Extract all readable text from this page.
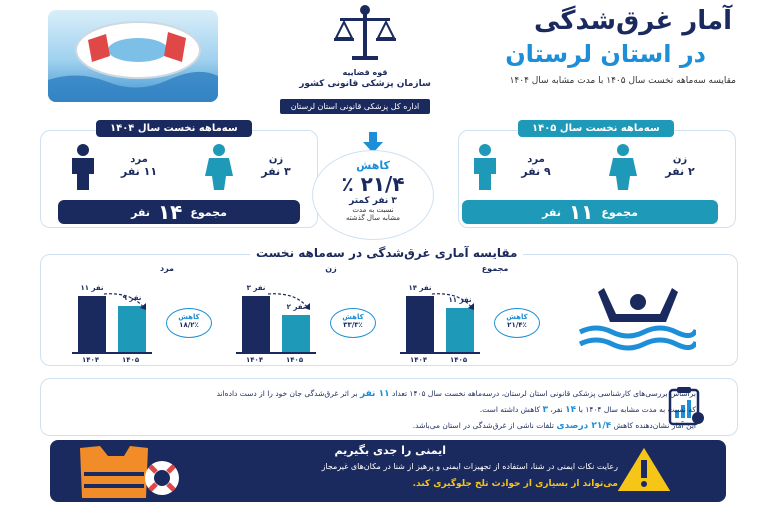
آمار غرق‌شدگی
در استان لرستان
مقایسه سه‌ماهه نخست سال ۱۴۰۵ با مدت مشابه سال ۱۴۰۴
قوه قضاییه
سازمان پزشکی قانونی کشور
اداره کل پزشکی قانونی استان لرستان
سه‌ماهه نخست سال ۱۴۰۵
زن
۲ نفر
مرد
۹ نفر
مجموع
۱۱
نفر
سه‌ماهه نخست سال ۱۴۰۴
زن
۳ نفر
مرد
۱۱ نفر
مجموع
۱۴
نفر
کاهش
۲۱/۴ ٪
۳ نفر کمتر
نسبت به مدت
مشابه سال گذشته
مقایسه آماری غرق‌شدگی در سه‌ماهه نخست
مجموع
۱۴ نفر
۱۴۰۴
۱۱ نفر
۱۴۰۵
کاهش
۲۱/۴٪
زن
۳ نفر
۱۴۰۴
۲ نفر
۱۴۰۵
کاهش
۳۳/۳٪
مرد
۱۱ نفر
۱۴۰۴
۹ نفر
۱۴۰۵
کاهش
۱۸/۲٪
براساس بررسی‌های کارشناسی پزشکی قانونی استان لرستان، درسه‌ماهه نخست سال ۱۴۰۵ تعداد ۱۱ نفر بر اثر غرق‌شدگی جان خود را از دست داده‌اند
که نسبت به مدت مشابه سال ۱۴۰۴ با ۱۴ نفر، ۳ کاهش داشته است.
این آمار نشان‌دهنده کاهش ۲۱/۴ درصدی تلفات ناشی از غرق‌شدگی در استان می‌باشد.
ایمنی را جدی بگیریم
رعایت نکات ایمنی در شنا، استفاده از تجهیزات ایمنی و پرهیز از شنا در مکان‌های غیرمجاز
می‌تواند از بسیاری از حوادث تلخ جلوگیری کند.
